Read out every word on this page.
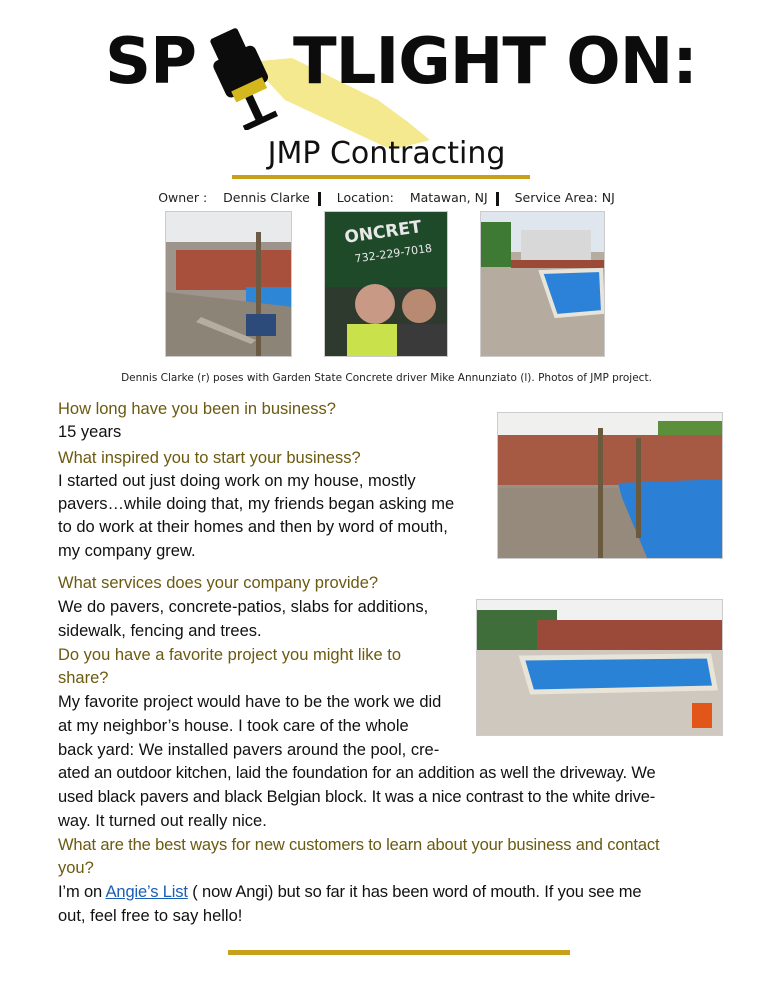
SP TLIGHT ON:
JMP Contracting
Owner : Dennis Clarke Location: Matawan, NJ Service Area: NJ
ONCRET
732-229-7018
Dennis Clarke (r) poses with Garden State Concrete driver Mike Annunziato (l). Photos of JMP project.
How long have you been in business?
15 years
What inspired you to start your business?
I started out just doing work on my house, mostly
pavers…while doing that, my friends began asking me
to do work at their homes and then by word of mouth,
my company grew.
What services does your company provide?
We do pavers, concrete-patios, slabs for additions,
sidewalk, fencing and trees.
Do you have a favorite project you might like to
share?
My favorite project would have to be the work we did
at my neighbor’s house. I took care of the whole
back yard: We installed pavers around the pool, cre-
ated an outdoor kitchen, laid the foundation for an addition as well the driveway. We
used black pavers and black Belgian block. It was a nice contrast to the white drive-
way. It turned out really nice.
What are the best ways for new customers to learn about your business and contact
you?
I’m on Angie’s List ( now Angi) but so far it has been word of mouth. If you see me
out, feel free to say hello!
